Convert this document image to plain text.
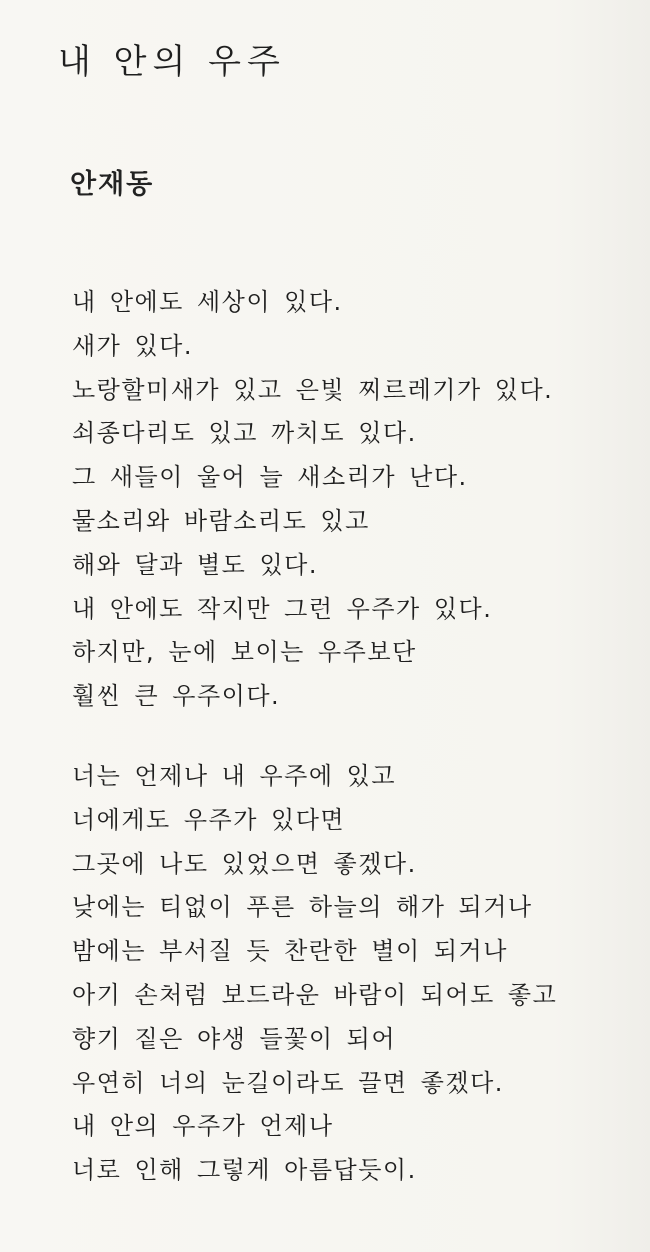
내 안의 우주
안재동
내 안에도 세상이 있다.
새가 있다.
노랑할미새가 있고 은빛 찌르레기가 있다.
쇠종다리도 있고 까치도 있다.
그 새들이 울어 늘 새소리가 난다.
물소리와 바람소리도 있고
해와 달과 별도 있다.
내 안에도 작지만 그런 우주가 있다.
하지만, 눈에 보이는 우주보단
훨씬 큰 우주이다.
너는 언제나 내 우주에 있고
너에게도 우주가 있다면
그곳에 나도 있었으면 좋겠다.
낮에는 티없이 푸른 하늘의 해가 되거나
밤에는 부서질 듯 찬란한 별이 되거나
아기 손처럼 보드라운 바람이 되어도 좋고
향기 짙은 야생 들꽃이 되어
우연히 너의 눈길이라도 끌면 좋겠다.
내 안의 우주가 언제나
너로 인해 그렇게 아름답듯이.
